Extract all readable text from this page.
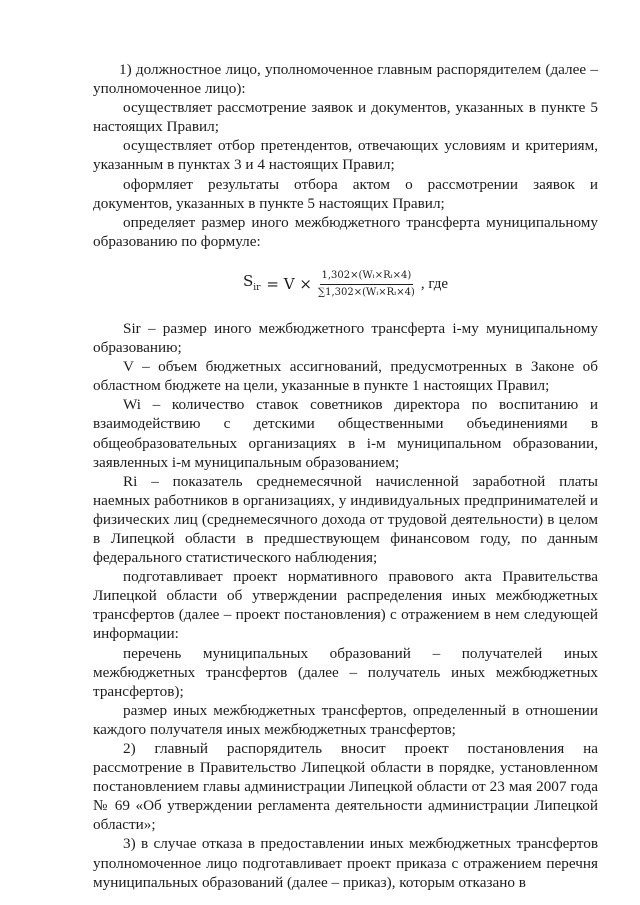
1) должностное лицо, уполномоченное главным распорядителем (далее – уполномоченное лицо):

осуществляет рассмотрение заявок и документов, указанных в пункте 5 настоящих Правил;

осуществляет отбор претендентов, отвечающих условиям и критериям, указанным в пунктах 3 и 4 настоящих Правил;

оформляет результаты отбора актом о рассмотрении заявок и документов, указанных в пункте 5 настоящих Правил;

определяет размер иного межбюджетного трансферта муниципальному образованию по формуле:

$S_{ir} = V \times \frac{\text{1,302×(Wᵢ×Rᵢ×4)}}{\text{∑1,302×(Wᵢ×Rᵢ×4)}}$ , где

Sir – размер иного межбюджетного трансферта i-му муниципальному образованию;

V – объем бюджетных ассигнований, предусмотренных в Законе об областном бюджете на цели, указанные в пункте 1 настоящих Правил;

Wi – количество ставок советников директора по воспитанию и взаимодействию с детскими общественными объединениями в общеобразовательных организациях в i-м муниципальном образовании, заявленных i-м муниципальным образованием;

Ri – показатель среднемесячной начисленной заработной платы наемных работников в организациях, у индивидуальных предпринимателей и физических лиц (среднемесячного дохода от трудовой деятельности) в целом в Липецкой области в предшествующем финансовом году, по данным федерального статистического наблюдения;

подготавливает проект нормативного правового акта Правительства Липецкой области об утверждении распределения иных межбюджетных трансфертов (далее – проект постановления) с отражением в нем следующей информации:

перечень муниципальных образований – получателей иных межбюджетных трансфертов (далее – получатель иных межбюджетных трансфертов);

размер иных межбюджетных трансфертов, определенный в отношении каждого получателя иных межбюджетных трансфертов;

2) главный распорядитель вносит проект постановления на рассмотрение в Правительство Липецкой области в порядке, установленном постановлением главы администрации Липецкой области от 23 мая 2007 года № 69 «Об утверждении регламента деятельности администрации Липецкой области»;

3) в случае отказа в предоставлении иных межбюджетных трансфертов уполномоченное лицо подготавливает проект приказа с отражением перечня муниципальных образований (далее – приказ), которым отказано в
